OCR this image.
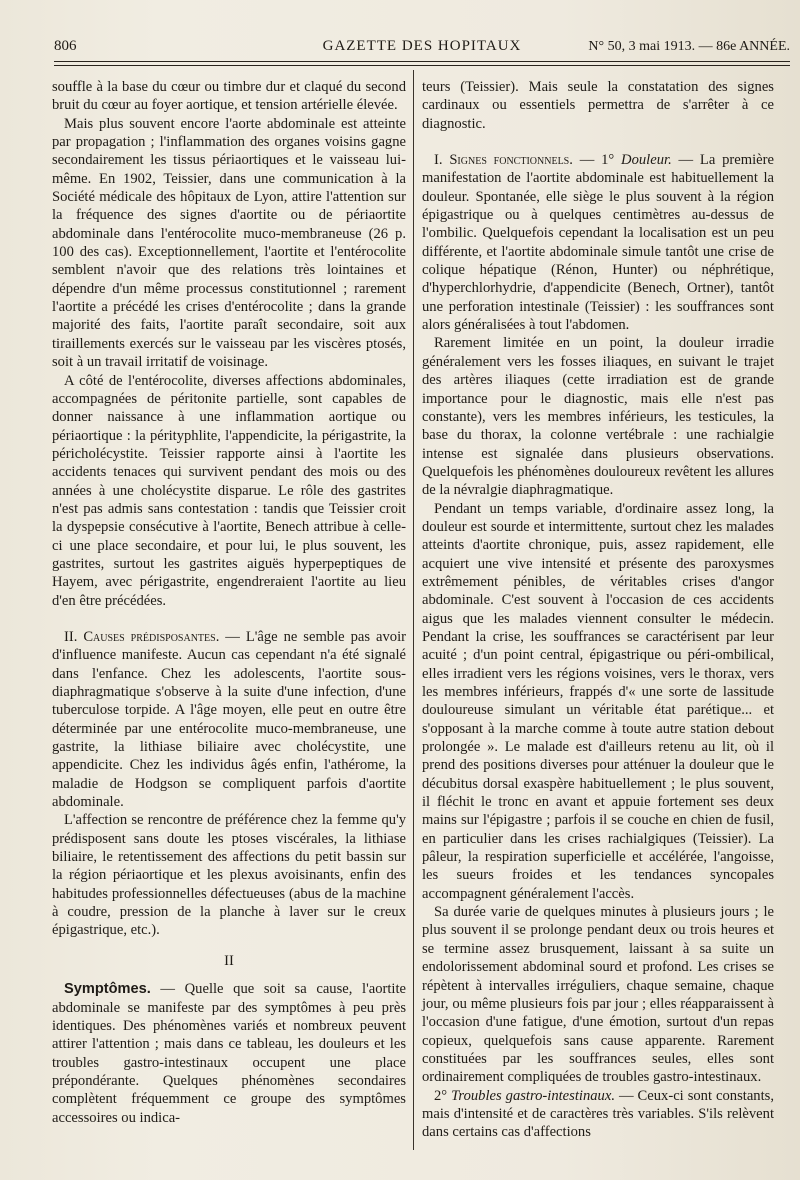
806	GAZETTE DES HOPITAUX	N° 50, 3 mai 1913. — 86e ANNÉE.

souffle à la base du cœur ou timbre dur et claqué du second bruit du cœur au foyer aortique, et tension artérielle élevée.

Mais plus souvent encore l'aorte abdominale est atteinte par propagation ; l'inflammation des organes voisins gagne secondairement les tissus périaortiques et le vaisseau lui-même. En 1902, Teissier, dans une communication à la Société médicale des hôpitaux de Lyon, attire l'attention sur la fréquence des signes d'aortite ou de périaortite abdominale dans l'entérocolite muco-membraneuse (26 p. 100 des cas). Exceptionnellement, l'aortite et l'entérocolite semblent n'avoir que des relations très lointaines et dépendre d'un même processus constitutionnel ; rarement l'aortite a précédé les crises d'entérocolite ; dans la grande majorité des faits, l'aortite paraît secondaire, soit aux tiraillements exercés sur le vaisseau par les viscères ptosés, soit à un travail irritatif de voisinage.

A côté de l'entérocolite, diverses affections abdominales, accompagnées de péritonite partielle, sont capables de donner naissance à une inflammation aortique ou périaortique : la pérityphlite, l'appendicite, la périgastrite, la péricholécystite. Teissier rapporte ainsi à l'aortite les accidents tenaces qui survivent pendant des mois ou des années à une cholécystite disparue. Le rôle des gastrites n'est pas admis sans contestation : tandis que Teissier croit la dyspepsie consécutive à l'aortite, Benech attribue à celle-ci une place secondaire, et pour lui, le plus souvent, les gastrites, surtout les gastrites aiguës hyperpeptiques de Hayem, avec périgastrite, engendreraient l'aortite au lieu d'en être précédées.

II. Causes prédisposantes. — L'âge ne semble pas avoir d'influence manifeste. Aucun cas cependant n'a été signalé dans l'enfance. Chez les adolescents, l'aortite sous-diaphragmatique s'observe à la suite d'une infection, d'une tuberculose torpide. A l'âge moyen, elle peut en outre être déterminée par une entérocolite muco-membraneuse, une gastrite, la lithiase biliaire avec cholécystite, une appendicite. Chez les individus âgés enfin, l'athérome, la maladie de Hodgson se compliquent parfois d'aortite abdominale.

L'affection se rencontre de préférence chez la femme qu'y prédisposent sans doute les ptoses viscérales, la lithiase biliaire, le retentissement des affections du petit bassin sur la région périaortique et les plexus avoisinants, enfin des habitudes professionnelles défectueuses (abus de la machine à coudre, pression de la planche à laver sur le creux épigastrique, etc.).

II

Symptômes. — Quelle que soit sa cause, l'aortite abdominale se manifeste par des symptômes à peu près identiques. Des phénomènes variés et nombreux peuvent attirer l'attention ; mais dans ce tableau, les douleurs et les troubles gastro-intestinaux occupent une place prépondérante. Quelques phénomènes secondaires complètent fréquemment ce groupe des symptômes accessoires ou indica-

teurs (Teissier). Mais seule la constatation des signes cardinaux ou essentiels permettra de s'arrêter à ce diagnostic.

I. Signes fonctionnels. — 1° Douleur. — La première manifestation de l'aortite abdominale est habituellement la douleur. Spontanée, elle siège le plus souvent à la région épigastrique ou à quelques centimètres au-dessus de l'ombilic. Quelquefois cependant la localisation est un peu différente, et l'aortite abdominale simule tantôt une crise de colique hépatique (Rénon, Hunter) ou néphrétique, d'hyperchlorhydrie, d'appendicite (Benech, Ortner), tantôt une perforation intestinale (Teissier) : les souffrances sont alors généralisées à tout l'abdomen.

Rarement limitée en un point, la douleur irradie généralement vers les fosses iliaques, en suivant le trajet des artères iliaques (cette irradiation est de grande importance pour le diagnostic, mais elle n'est pas constante), vers les membres inférieurs, les testicules, la base du thorax, la colonne vertébrale : une rachialgie intense est signalée dans plusieurs observations. Quelquefois les phénomènes douloureux revêtent les allures de la névralgie diaphragmatique.

Pendant un temps variable, d'ordinaire assez long, la douleur est sourde et intermittente, surtout chez les malades atteints d'aortite chronique, puis, assez rapidement, elle acquiert une vive intensité et présente des paroxysmes extrêmement pénibles, de véritables crises d'angor abdominale. C'est souvent à l'occasion de ces accidents aigus que les malades viennent consulter le médecin. Pendant la crise, les souffrances se caractérisent par leur acuité ; d'un point central, épigastrique ou péri-ombilical, elles irradient vers les régions voisines, vers le thorax, vers les membres inférieurs, frappés d'« une sorte de lassitude douloureuse simulant un véritable état parétique... et s'opposant à la marche comme à toute autre station debout prolongée ». Le malade est d'ailleurs retenu au lit, où il prend des positions diverses pour atténuer la douleur que le décubitus dorsal exaspère habituellement ; le plus souvent, il fléchit le tronc en avant et appuie fortement ses deux mains sur l'épigastre ; parfois il se couche en chien de fusil, en particulier dans les crises rachialgiques (Teissier). La pâleur, la respiration superficielle et accélérée, l'angoisse, les sueurs froides et les tendances syncopales accompagnent généralement l'accès.

Sa durée varie de quelques minutes à plusieurs jours ; le plus souvent il se prolonge pendant deux ou trois heures et se termine assez brusquement, laissant à sa suite un endolorissement abdominal sourd et profond. Les crises se répètent à intervalles irréguliers, chaque semaine, chaque jour, ou même plusieurs fois par jour ; elles réapparaissent à l'occasion d'une fatigue, d'une émotion, surtout d'un repas copieux, quelquefois sans cause apparente. Rarement constituées par les souffrances seules, elles sont ordinairement compliquées de troubles gastro-intestinaux.

2° Troubles gastro-intestinaux. — Ceux-ci sont constants, mais d'intensité et de caractères très variables. S'ils relèvent dans certains cas d'affections
